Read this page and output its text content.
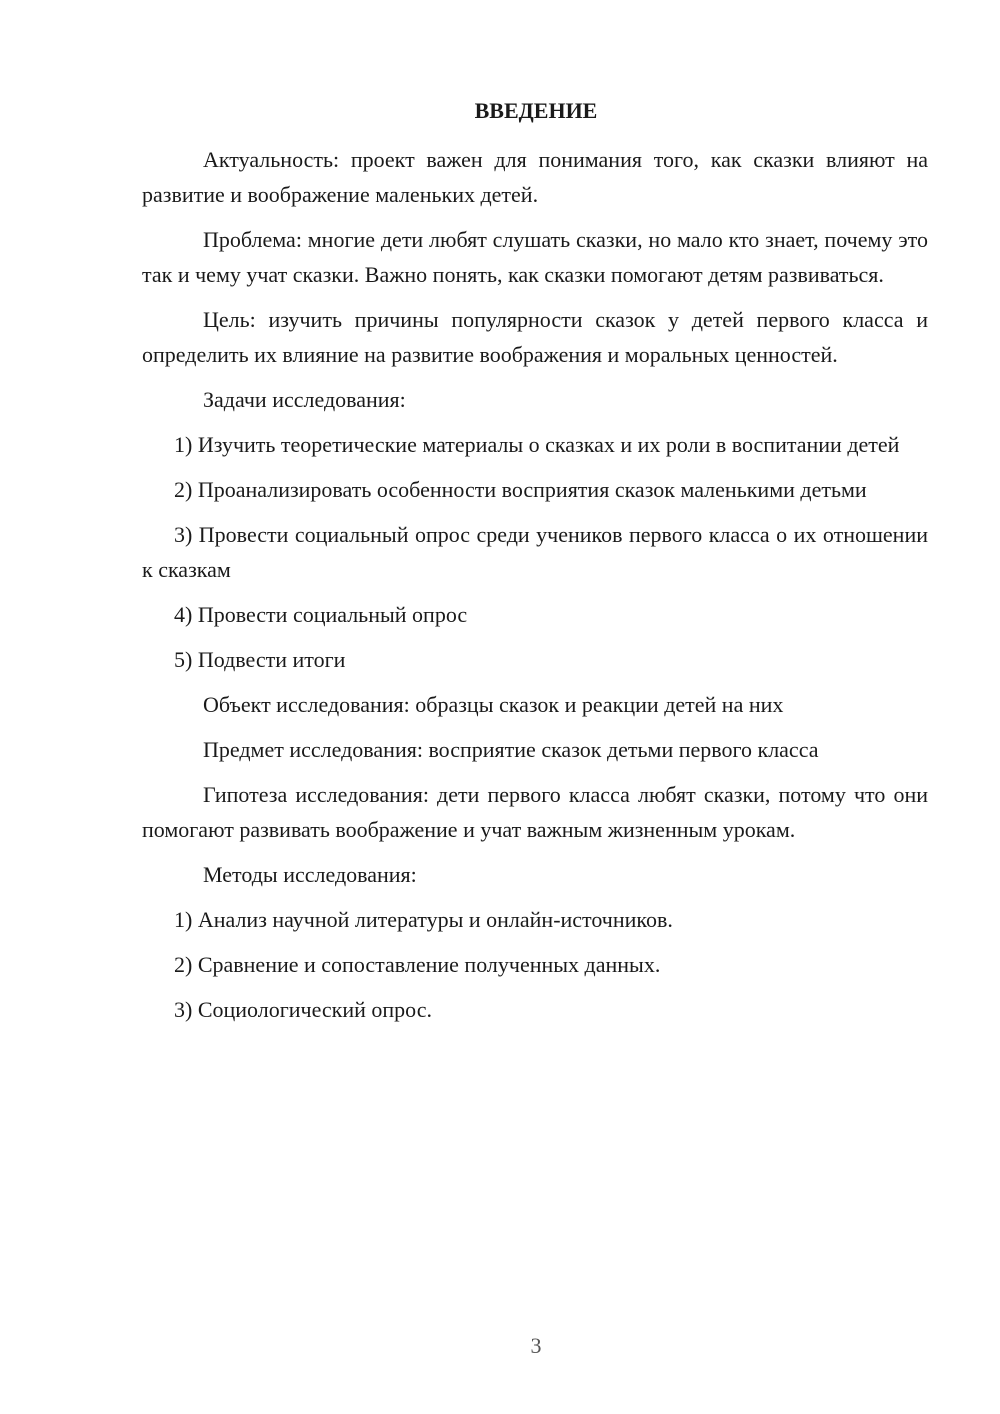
ВВЕДЕНИЕ

Актуальность: проект важен для понимания того, как сказки влияют на развитие и воображение маленьких детей.

Проблема: многие дети любят слушать сказки, но мало кто знает, почему это так и чему учат сказки. Важно понять, как сказки помогают детям развиваться.

Цель: изучить причины популярности сказок у детей первого класса и определить их влияние на развитие воображения и моральных ценностей.

Задачи исследования:

1) Изучить теоретические материалы о сказках и их роли в воспитании детей

2) Проанализировать особенности восприятия сказок маленькими детьми

3) Провести социальный опрос среди учеников первого класса о их отношении к сказкам

4) Провести социальный опрос

5) Подвести итоги

Объект исследования: образцы сказок и реакции детей на них

Предмет исследования: восприятие сказок детьми первого класса

Гипотеза исследования: дети первого класса любят сказки, потому что они помогают развивать воображение и учат важным жизненным урокам.

Методы исследования:

1) Анализ научной литературы и онлайн-источников.

2) Сравнение и сопоставление полученных данных.

3) Социологический опрос.

3
